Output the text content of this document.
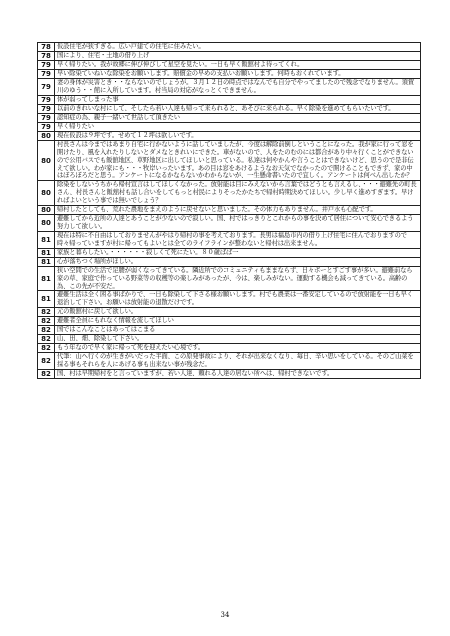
78	仮設住宅が狭すぎる。広い戸建ての住宅に住みたい。
78	国により、住宅・土地の借り上げ
79	早く帰りたい。我が故郷に伸び伸びして星空を見たい。一日も早く飯舘村よ待ってくれ。
79	早い除染ていねいな除染をお願いします。賠償金の早めの支払いお願いします。何時もおくれています。
79	妻の身体が災害とき・・ならないのでしょうが。３月１２日の時点ではなんでも自分でやってましたので残念でなりません。須賀川のゆう・・館に入所しています。村当局の対応がなっとくできません。
79	体が弱ってしまった事
79	以前のきれいな村にして、そしたら若い人達も帰って来られると、あそびに来られる。早く除染を進めてもらいたいです。
79	認知症の為、親子一緒いて世話して頂きたい
79	早く帰りたい
80	現在仮設は９坪です。せめて１２坪は欲しいです。
80	村長さんは今まではあまり自宅に行かないように話していましたが、今度は解除前倒しということになった。我が家に行って窓を開けたり、風を入れたりしないとダメなときれいにできた。車がないので、人をたのむのには都合があり中々行くことができないので公用バスでも飯舘地区、草野地区に出してほしいと思っている。私達は何やかんや言うことはできないけど、思うので是非伝えて欲しい。わが家にも・・・牧岸いったいます。あの目は窓をあけるようなお天気でなかったので開けることもできず、家の中はぼろぼろだと思う。アンケートになるかならないかわからないが、一生懸命書いたので宜しく。アンケートは何べん出したか？
80	除染をしないうちから帰村宣言はしてほしくなかった。放射能は目にみえないから言葉ではどうとも言えるし、・・・避難先の町長さん、村長さんと飯舘村も話し合いをしてもっと村民によりそったかたちで帰村時期決めてほしい。少し早く進めすぎます。早ければよいという事では無いでしょう？
80	帰村したとしても、荒れた農地をまえのように戻せないと思いました。その体力もありません。井戸水も心配です。
80	避難してから近所の人達とあうことが少ないので寂しい。国、村ではっきりとこれからの事を決めて居住について安心できるよう努力して欲しい。
81	現在は特に不自由はしておりませんがやはり帰村の事を考えております。長男は福島市内の借り上げ住宅に住んでおりますので時々帰っていますが村に帰ってもよいとは全てのライフラインが整わないと帰村は出来ません。
81	家族と暮らしたい。・・・・・・寂しくて死にたい。８０歳ばば一
81	心が落ちつく場所がほしい。
81	狭い空間での生活で足腰が弱くなってきている。隣近所でのコミュニティもままならず、日々ボーとすごす事が多い。避難前なら家の草、家庭で作っている野菜等の収穫等の楽しみがあったが、今は、楽しみがない。運動する機会も減ってきている。高齢の為、この先が不安だ。
81	避難生活は全く困る事ばかりで、一日も除染して下さる様お願いします。村でも農業は一番安定しているので放射能を一日も早く退治して下さい。お願いは放射能の退散だけです。
82	元の飯舘村に戻して欲しい。
82	避難者全員にもれなく情報を流してほしい
82	国ではこんなことはあってはこまる
82	山、田、畑、除染して下さい。
82	もう年なので早く家に帰って死を迎えたい心境です。
82	代筆：山へ行くのが生きがいだった半面、この原発事故により、それが出来なくなり、毎日、辛い思いをしている。そのご山菜を採る事もそれらを人にあげる事も出来ない事が残念だ。
82	国、村は早期帰村をと言っていますが、若い人達、頼れる人達の居ない所へは、帰村できないです。
34
